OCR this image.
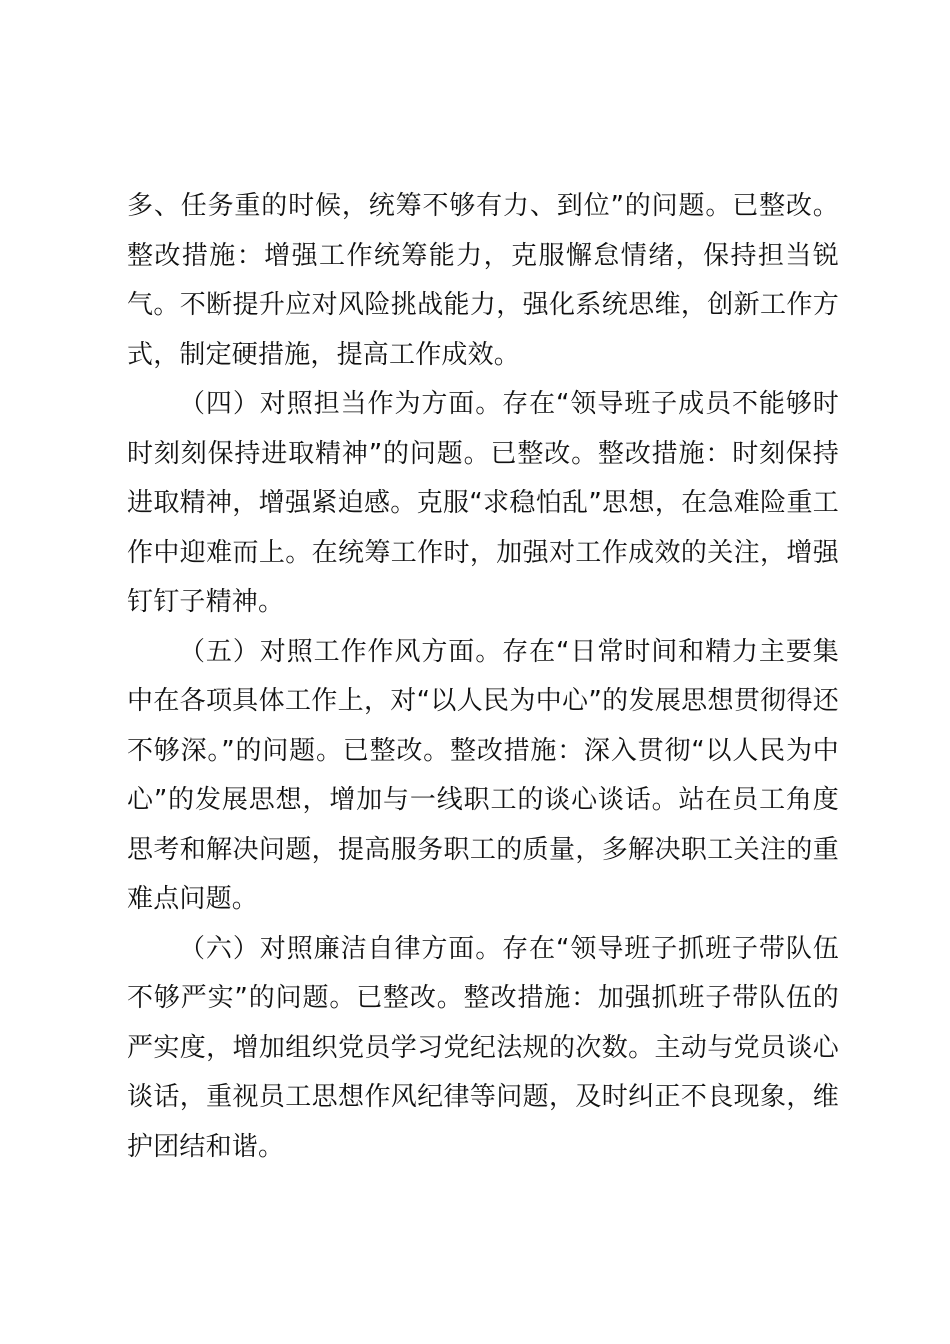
多、任务重的时候，统筹不够有力、到位”的问题。已整改。整改措施：增强工作统筹能力，克服懈怠情绪，保持担当锐气。不断提升应对风险挑战能力，强化系统思维，创新工作方式，制定硬措施，提高工作成效。

（四）对照担当作为方面。存在“领导班子成员不能够时时刻刻保持进取精神”的问题。已整改。整改措施：时刻保持进取精神，增强紧迫感。克服“求稳怕乱”思想，在急难险重工作中迎难而上。在统筹工作时，加强对工作成效的关注，增强钉钉子精神。

（五）对照工作作风方面。存在“日常时间和精力主要集中在各项具体工作上，对“以人民为中心”的发展思想贯彻得还不够深。”的问题。已整改。整改措施：深入贯彻“以人民为中心”的发展思想，增加与一线职工的谈心谈话。站在员工角度思考和解决问题，提高服务职工的质量，多解决职工关注的重难点问题。

（六）对照廉洁自律方面。存在“领导班子抓班子带队伍不够严实”的问题。已整改。整改措施：加强抓班子带队伍的严实度，增加组织党员学习党纪法规的次数。主动与党员谈心谈话，重视员工思想作风纪律等问题，及时纠正不良现象，维护团结和谐。
